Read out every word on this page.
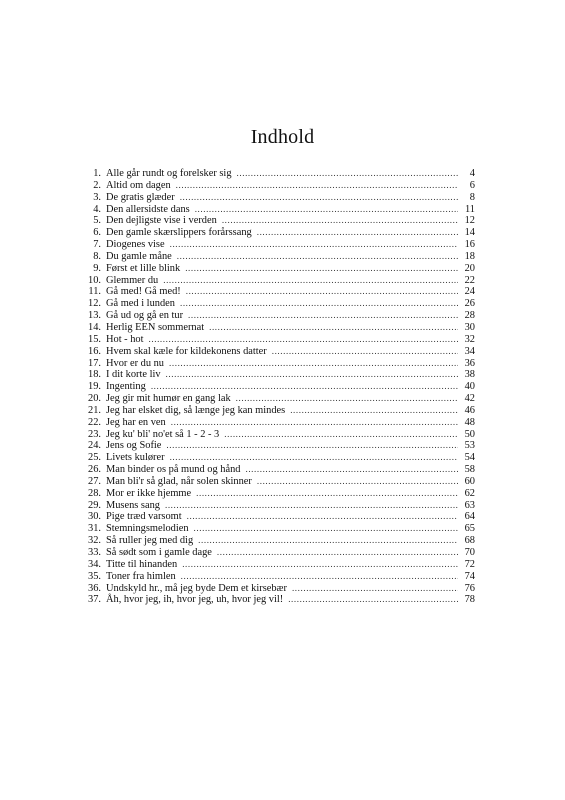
Indhold
1. Alle går rundt og forelsker sig .....	4
2. Altid om dagen .....	6
3. De gratis glæder .....	8
4. Den allersidste dans .....	11
5. Den dejligste vise i verden .....	12
6. Den gamle skærslippers forårssang .....	14
7. Diogenes vise .....	16
8. Du gamle måne .....	18
9. Først et lille blink .....	20
10. Glemmer du .....	22
11. Gå med! Gå med! .....	24
12. Gå med i lunden .....	26
13. Gå ud og gå en tur .....	28
14. Herlig EEN sommernat .....	30
15. Hot - hot .....	32
16. Hvem skal kæle for kildekonens datter .....	34
17. Hvor er du nu .....	36
18. I dit korte liv .....	38
19. Ingenting .....	40
20. Jeg gir mit humør en gang lak .....	42
21. Jeg har elsket dig, så længe jeg kan mindes .....	46
22. Jeg har en ven .....	48
23. Jeg ku' bli' no'et så 1 - 2 - 3 .....	50
24. Jens og Sofie .....	53
25. Livets kulører .....	54
26. Man binder os på mund og hånd .....	58
27. Man bli'r så glad, når solen skinner .....	60
28. Mor er ikke hjemme .....	62
29. Musens sang .....	63
30. Pige træd varsomt .....	64
31. Stemningsmelodien .....	65
32. Så ruller jeg med dig .....	68
33. Så sødt som i gamle dage .....	70
34. Titte til hinanden .....	72
35. Toner fra himlen .....	74
36. Undskyld hr., må jeg byde Dem et kirsebær .....	76
37. Åh, hvor jeg, ih, hvor jeg, uh, hvor jeg vil! .....	78
